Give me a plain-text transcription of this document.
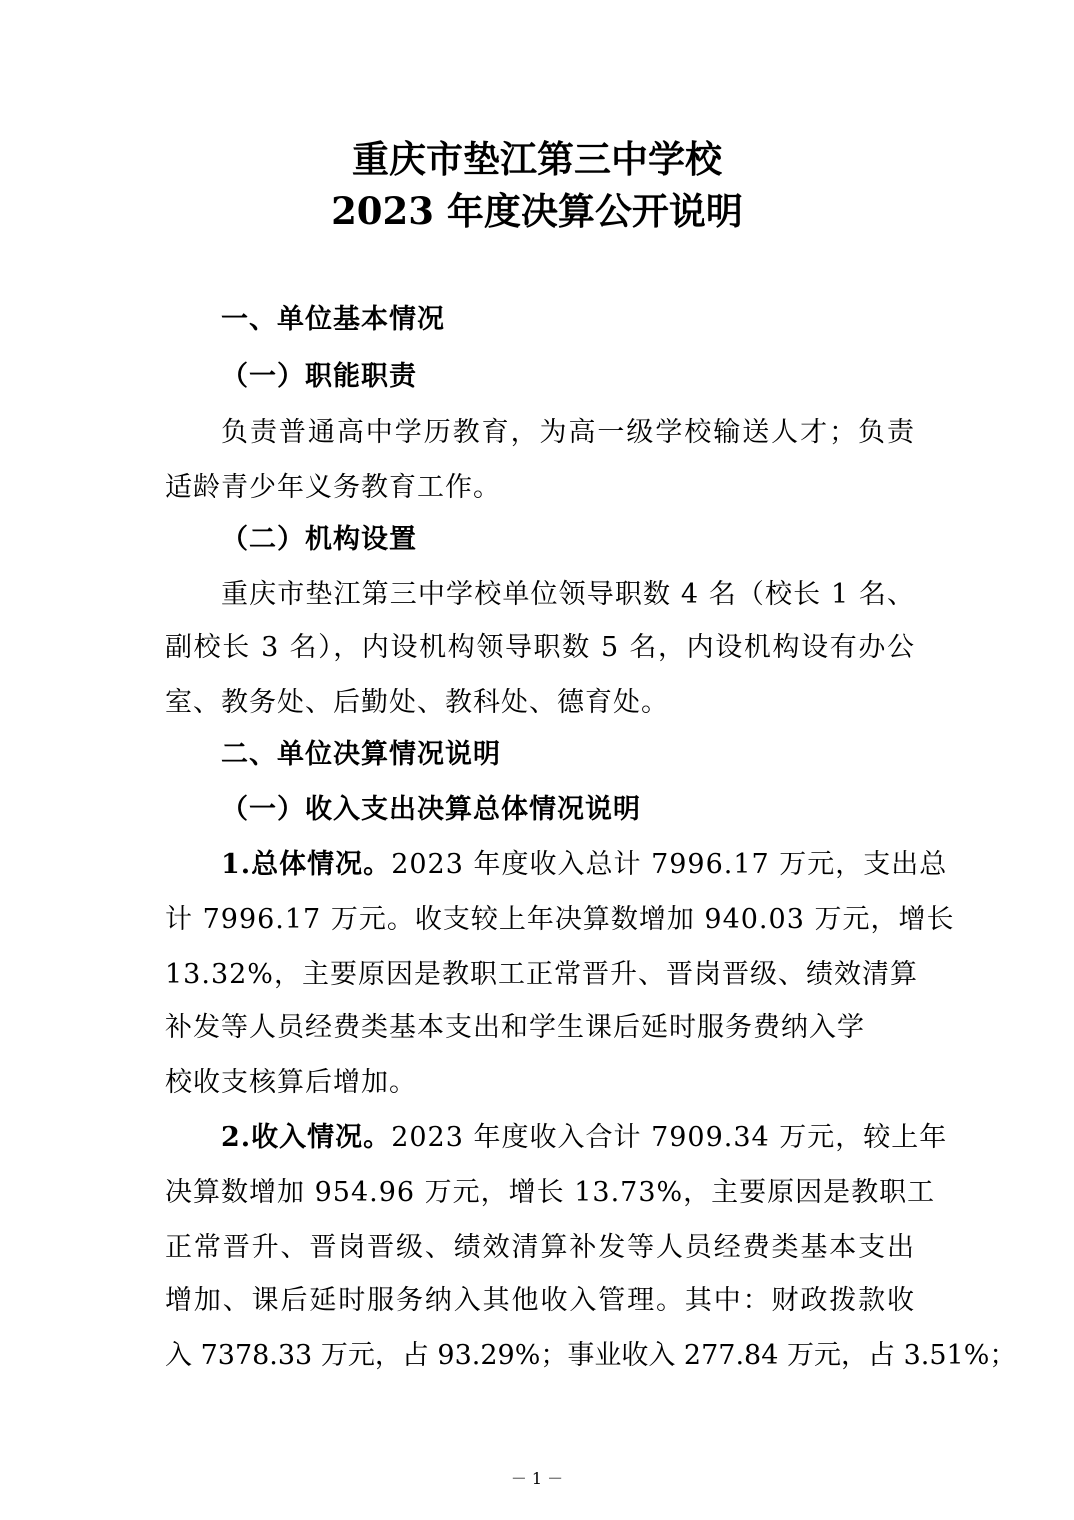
重庆市垫江第三中学校
2023 年度决算公开说明
一、单位基本情况
（一）职能职责
负责普通高中学历教育，为高一级学校输送人才；负责
适龄青少年义务教育工作。
（二）机构设置
重庆市垫江第三中学校单位领导职数 4 名（校长 1 名、
副校长 3 名），内设机构领导职数 5 名，内设机构设有办公
室、教务处、后勤处、教科处、德育处。
二、单位决算情况说明
（一）收入支出决算总体情况说明
1.总体情况。 2023 年度收入总计 7996.17 万元，支出总
计 7996.17 万元。收支较上年决算数增加 940.03 万元，增长
13.32%，主要原因是教职工正常晋升、晋岗晋级、绩效清算
补发等人员经费类基本支出和学生课后延时服务费纳入学
校收支核算后增加。
2.收入情况。 2023 年度收入合计 7909.34 万元，较上年
决算数增加 954.96 万元，增长 13.73%，主要原因是教职工
正常晋升、晋岗晋级、绩效清算补发等人员经费类基本支出
增加、课后延时服务纳入其他收入管理。其中：财政拨款收
入 7378.33 万元，占 93.29%；事业收入 277.84 万元，占 3.51%；
－ 1 －
